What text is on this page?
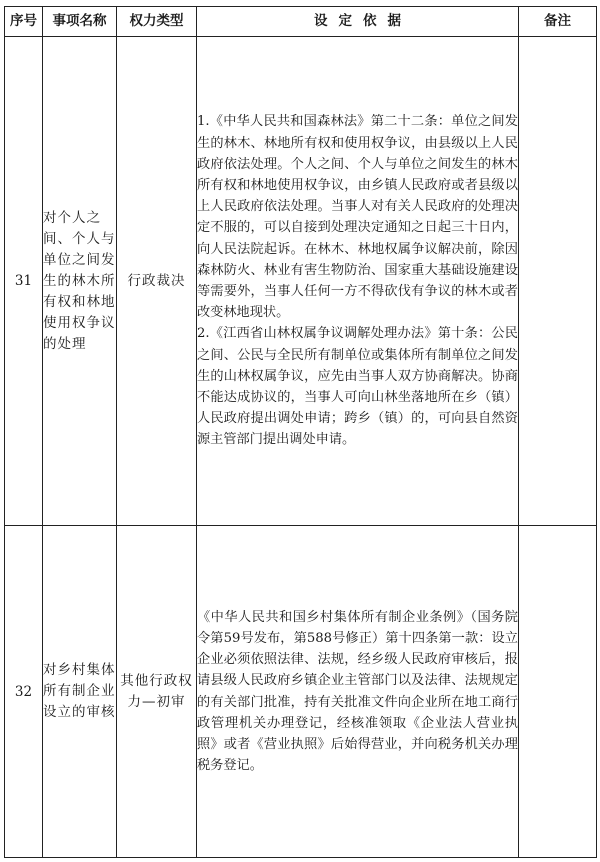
序号	事项名称	权力类型	设定依据	备注
31	对个人之间、个人与单位之间发生的林木所有权和林地使用权争议的处理	行政裁决	1.《中华人民共和国森林法》第二十二条：单位之间发生的林木、林地所有权和使用权争议，由县级以上人民政府依法处理。个人之间、个人与单位之间发生的林木所有权和林地使用权争议，由乡镇人民政府或者县级以上人民政府依法处理。当事人对有关人民政府的处理决定不服的，可以自接到处理决定通知之日起三十日内，向人民法院起诉。在林木、林地权属争议解决前，除因森林防火、林业有害生物防治、国家重大基础设施建设等需要外，当事人任何一方不得砍伐有争议的林木或者改变林地现状。

2.《江西省山林权属争议调解处理办法》第十条：公民之间、公民与全民所有制单位或集体所有制单位之间发生的山林权属争议，应先由当事人双方协商解决。协商不能达成协议的，当事人可向山林坐落地所在乡（镇）人民政府提出调处申请；跨乡（镇）的，可向县自然资源主管部门提出调处申请。	

32	对乡村集体所有制企业设立的审核	其他行政权力—初审	《中华人民共和国乡村集体所有制企业条例》（国务院令第59号发布，第588号修正）第十四条第一款：设立企业必须依照法律、法规，经乡级人民政府审核后，报请县级人民政府乡镇企业主管部门以及法律、法规规定的有关部门批准，持有关批准文件向企业所在地工商行政管理机关办理登记，经核准领取《企业法人营业执照》或者《营业执照》后始得营业，并向税务机关办理税务登记。	
